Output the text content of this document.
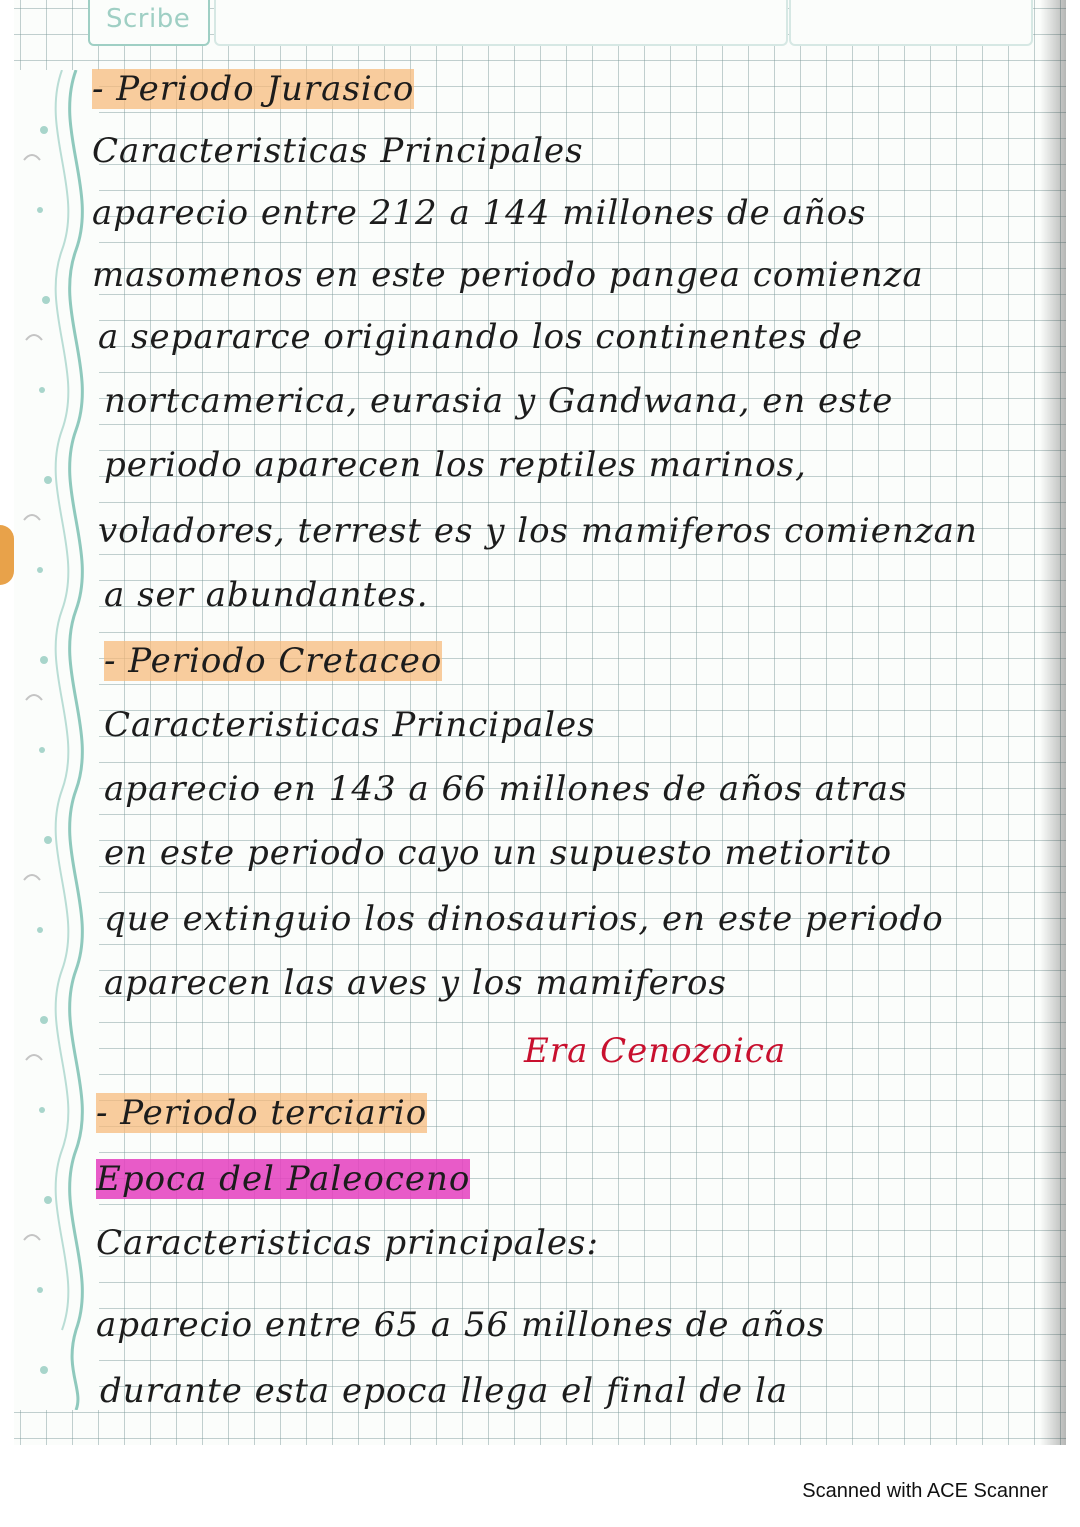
Scribe

- Periodo Jurasico

Caracteristicas Principales

aparecio entre 212 a 144 millones de años

masomenos en este periodo pangea comienza

a separarce originando los continentes de

nortcamerica, eurasia y Gandwana, en este

periodo aparecen los reptiles marinos,

voladores, terrest es y los mamiferos comienzan

a ser abundantes.

- Periodo Cretaceo

Caracteristicas Principales

aparecio en 143 a 66 millones de años atras

en este periodo cayo un supuesto metiorito

que extinguio los dinosaurios, en este periodo

aparecen las aves y los mamiferos

Era Cenozoica

- Periodo terciario

Epoca del Paleoceno

Caracteristicas principales:

aparecio entre 65 a 56 millones de años

durante esta epoca llega el final de la

Scanned with ACE Scanner
